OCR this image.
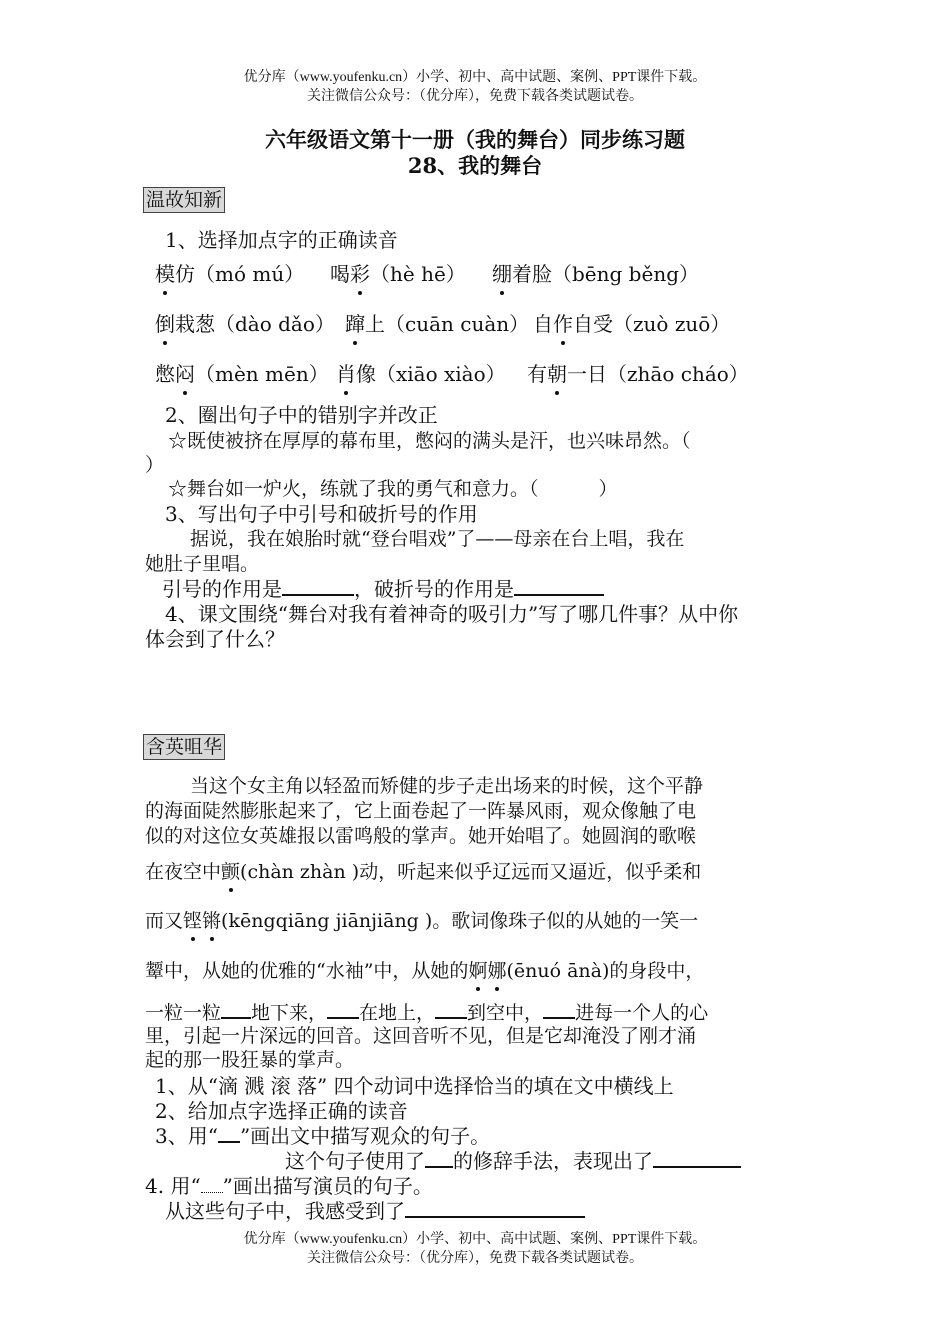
优分库（www.youfenku.cn）小学、初中、高中试题、案例、PPT课件下载。
关注微信公众号：（优分库），免费下载各类试题试卷。
六年级语文第十一册（我的舞台）同步练习题
28、我的舞台
温故知新
1、选择加点字的正确读音
模仿（mó mú） 喝彩（hè hē） 绷着脸（bēng běng）
倒栽葱（dào dǎo） 蹿上（cuān cuàn） 自作自受（zuò zuō）
憋闷（mèn mēn） 肖像（xiāo xiào） 有朝一日（zhāo cháo）
2、圈出句子中的错别字并改正
☆既使被挤在厚厚的幕布里，憋闷的满头是汗，也兴味昂然。（
）
☆舞台如一炉火，练就了我的勇气和意力。（	）
3、写出句子中引号和破折号的作用
据说，我在娘胎时就“登台唱戏”了——母亲在台上唱，我在
她肚子里唱。
引号的作用是	，破折号的作用是
4、课文围绕“舞台对我有着神奇的吸引力”写了哪几件事？从中你
体会到了什么？
含英咀华
当这个女主角以轻盈而矫健的步子走出场来的时候，这个平静
的海面陡然膨胀起来了，它上面卷起了一阵暴风雨，观众像触了电
似的对这位女英雄报以雷鸣般的掌声。她开始唱了。她圆润的歌喉
在夜空中颤(chàn zhàn )动，听起来似乎辽远而又逼近，似乎柔和
而又铿锵(kēngqiāng jiānjiāng )。歌词像珠子似的从她的一笑一
颦中，从她的优雅的“水袖”中，从她的婀娜(ēnuó ānà)的身段中，
一粒一粒 地下来， 在地上， 到空中， 进每一个人的心
里，引起一片深远的回音。这回音听不见，但是它却淹没了刚才涌
起的那一股狂暴的掌声。
1、从“滴 溅 滚 落” 四个动词中选择恰当的填在文中横线上
2、给加点字选择正确的读音
3、用“ ”画出文中描写观众的句子。
这个句子使用了 的修辞手法，表现出了
4. 用“ ”画出描写演员的句子。
从这些句子中，我感受到了
优分库（www.youfenku.cn）小学、初中、高中试题、案例、PPT课件下载。
关注微信公众号：（优分库），免费下载各类试题试卷。
